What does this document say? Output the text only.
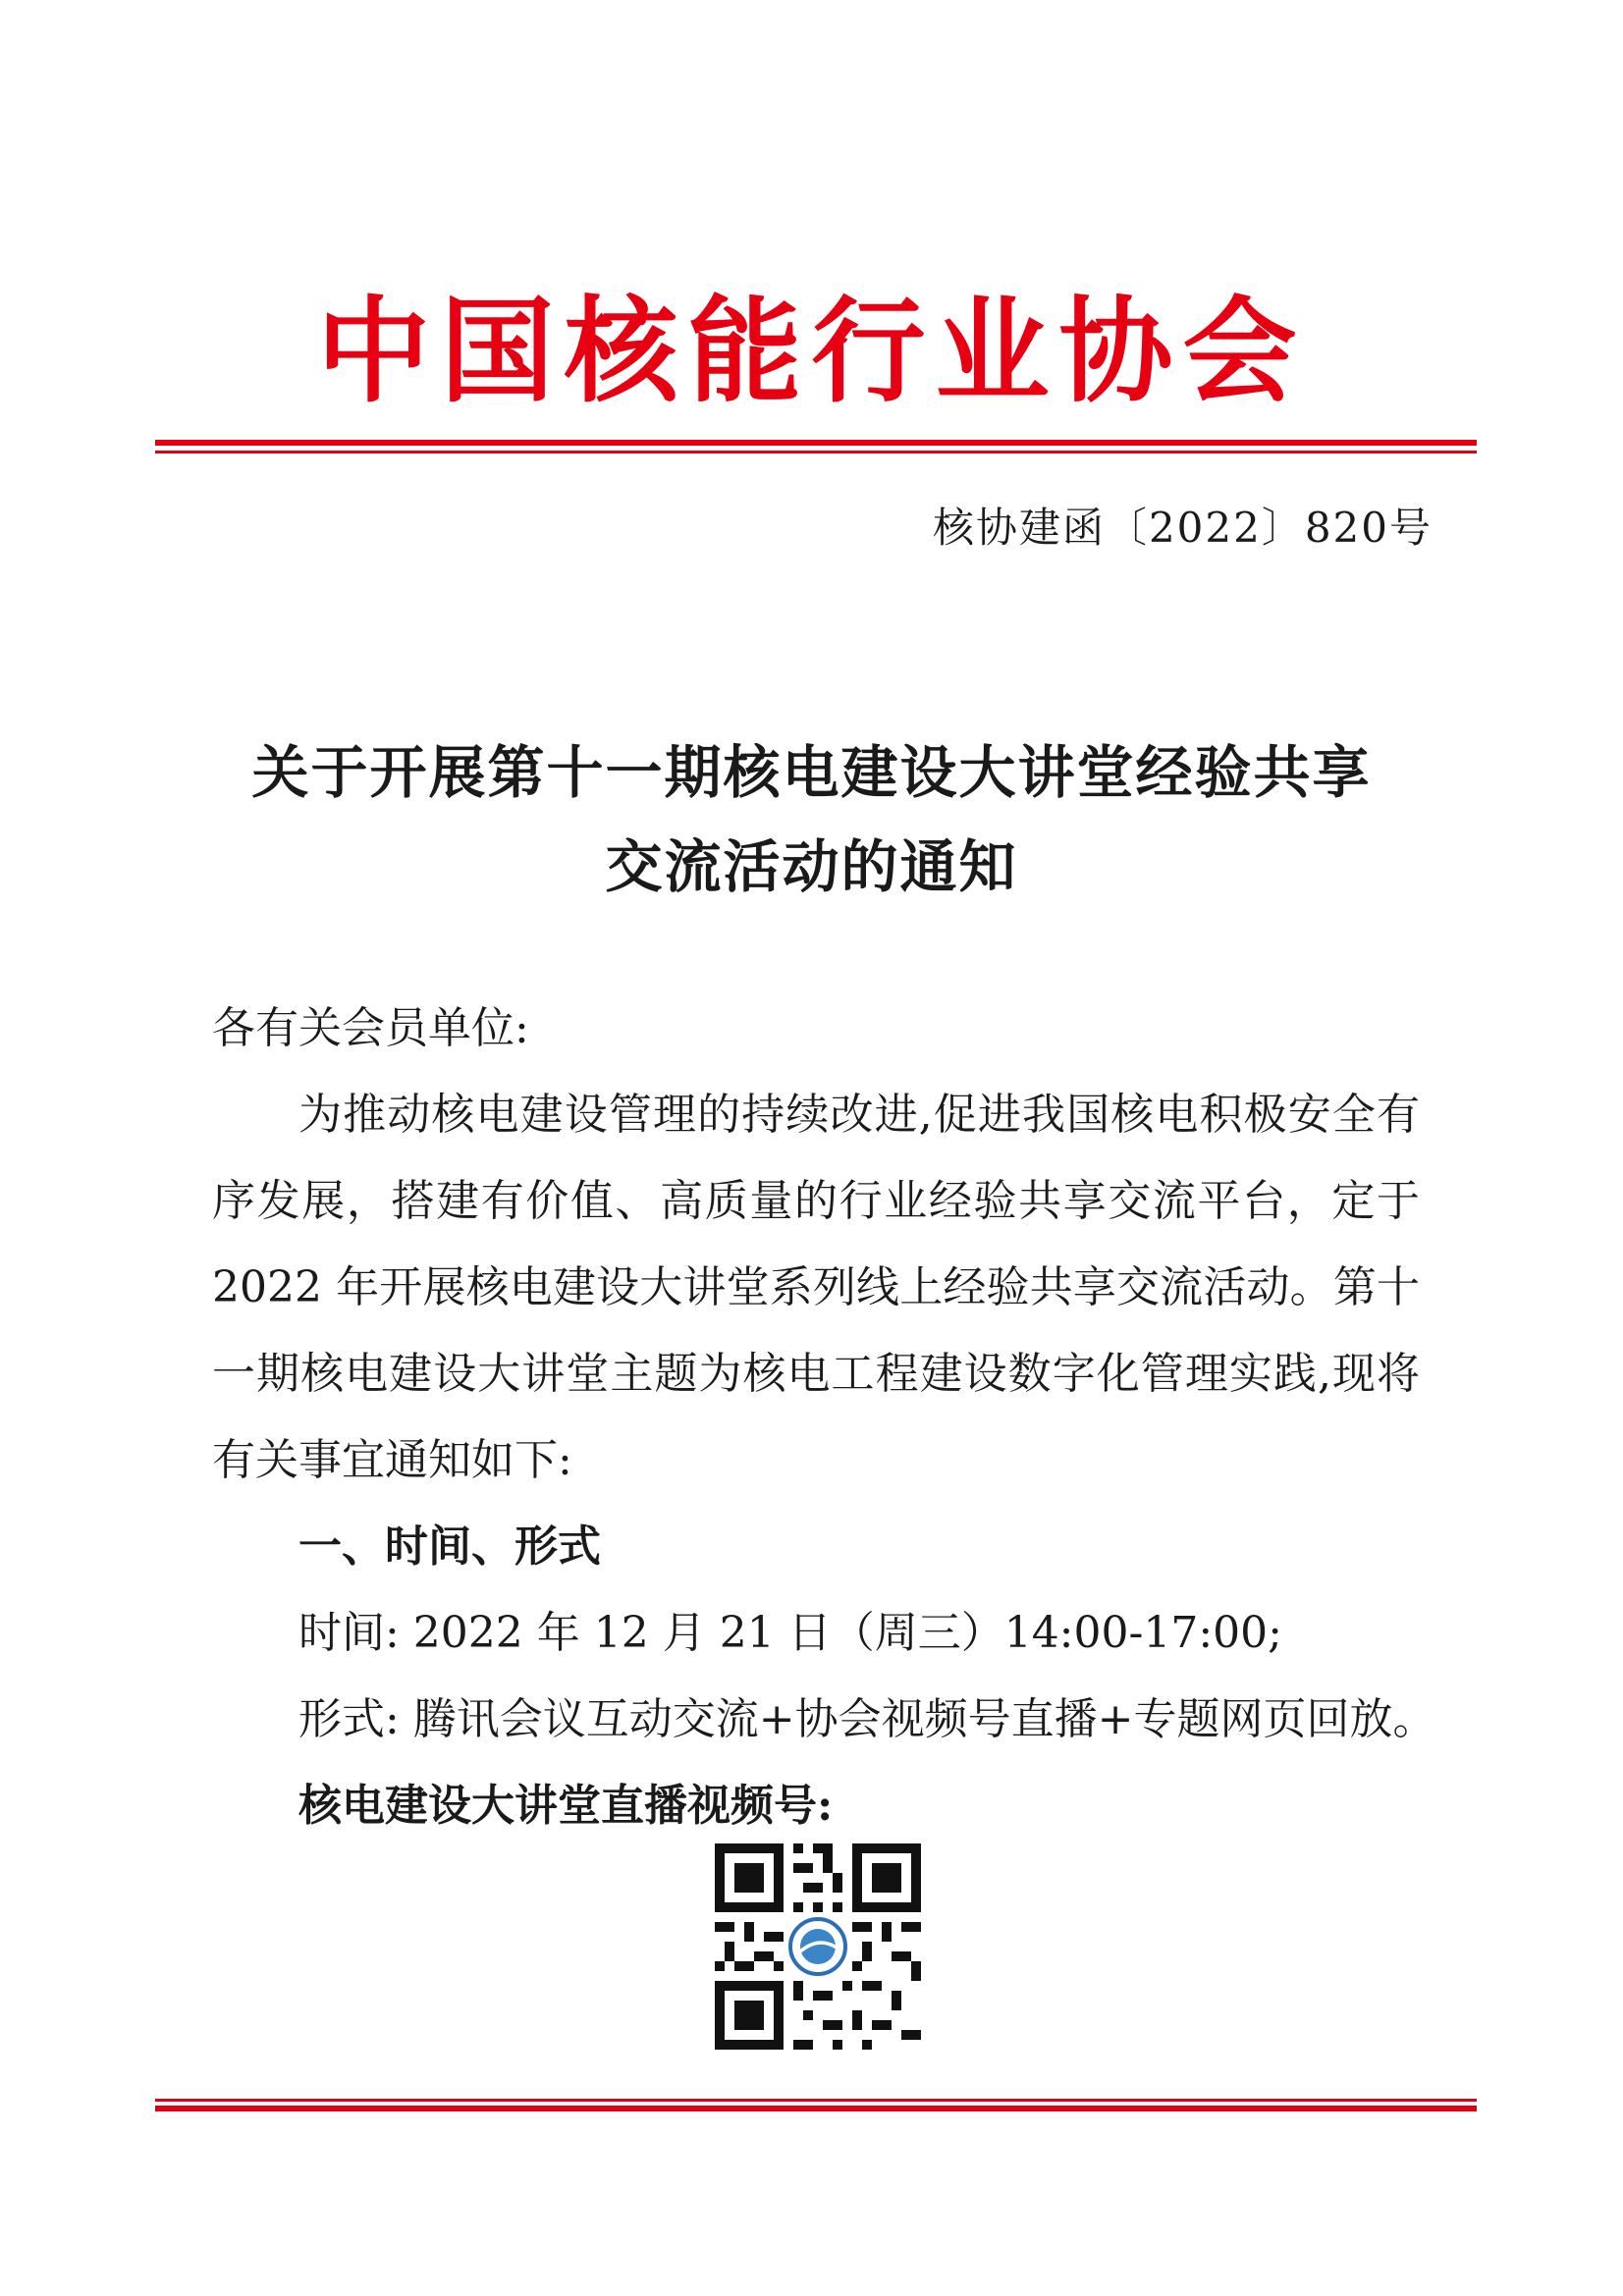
中国核能行业协会
核协建函〔2022〕820号
关于开展第十一期核电建设大讲堂经验共享
交流活动的通知
各有关会员单位:
为推动核电建设管理的持续改进,促进我国核电积极安全有
序发展，搭建有价值、高质量的行业经验共享交流平台，定于
2022 年开展核电建设大讲堂系列线上经验共享交流活动。第十
一期核电建设大讲堂主题为核电工程建设数字化管理实践,现将
有关事宜通知如下:
一、时间、形式
时间: 2022 年 12 月 21 日（周三）14:00-17:00;
形式: 腾讯会议互动交流+协会视频号直播+专题网页回放。
核电建设大讲堂直播视频号:
